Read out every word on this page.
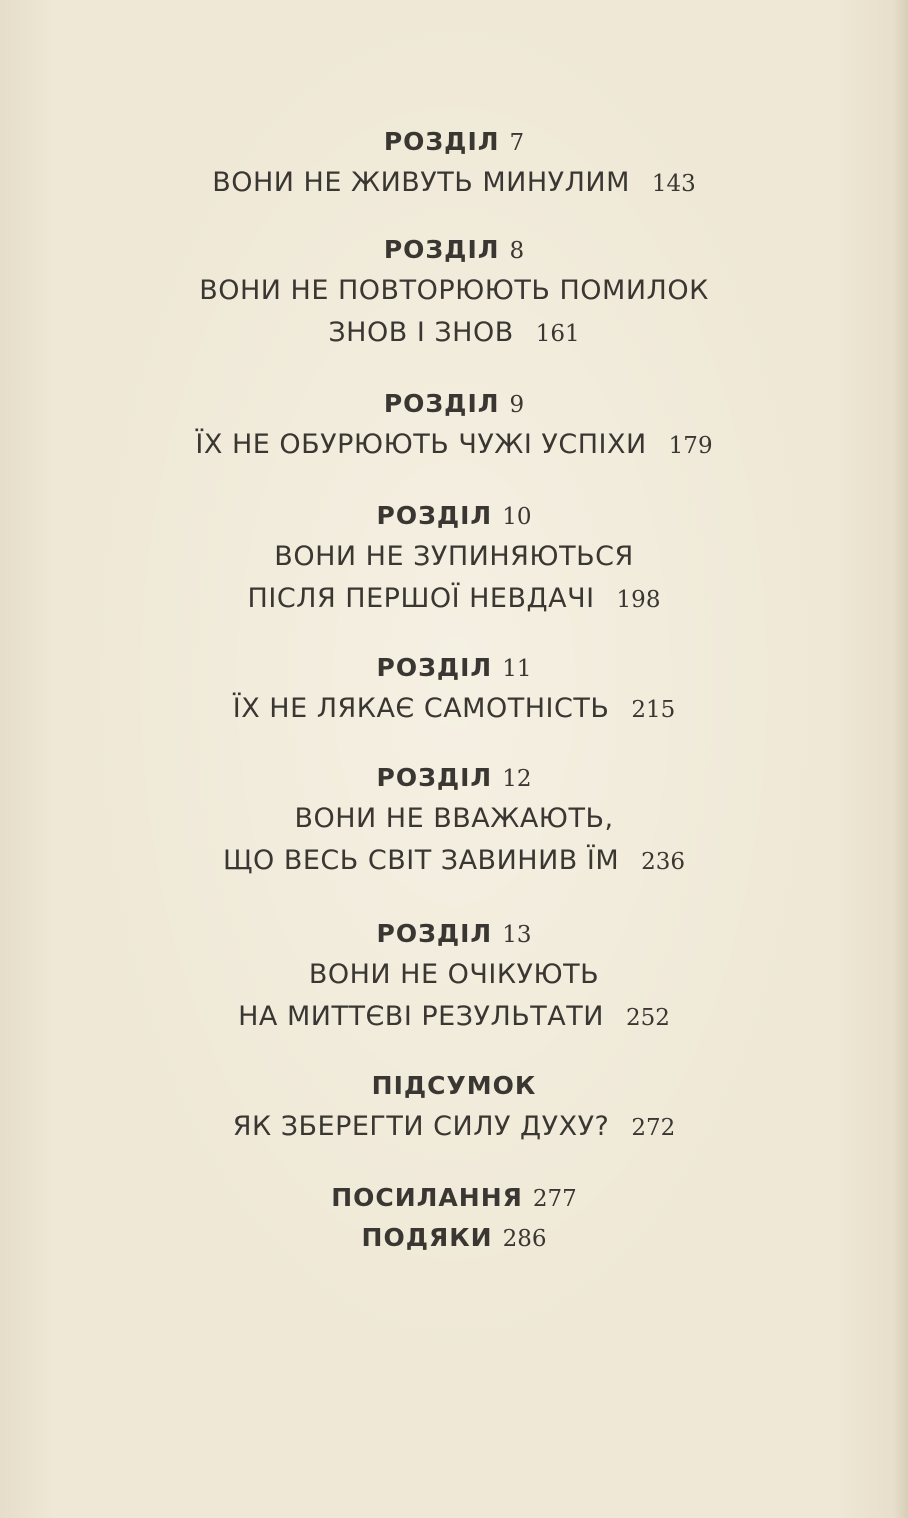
РОЗДІЛ 7
ВОНИ НЕ ЖИВУТЬ МИНУЛИМ 143
РОЗДІЛ 8
ВОНИ НЕ ПОВТОРЮЮТЬ ПОМИЛОК
ЗНОВ І ЗНОВ 161
РОЗДІЛ 9
ЇХ НЕ ОБУРЮЮТЬ ЧУЖІ УСПІХИ 179
РОЗДІЛ 10
ВОНИ НЕ ЗУПИНЯЮТЬСЯ
ПІСЛЯ ПЕРШОЇ НЕВДАЧІ 198
РОЗДІЛ 11
ЇХ НЕ ЛЯКАЄ САМОТНІСТЬ 215
РОЗДІЛ 12
ВОНИ НЕ ВВАЖАЮТЬ,
ЩО ВЕСЬ СВІТ ЗАВИНИВ ЇМ 236
РОЗДІЛ 13
ВОНИ НЕ ОЧІКУЮТЬ
НА МИТТЄВІ РЕЗУЛЬТАТИ 252
ПІДСУМОК
ЯК ЗБЕРЕГТИ СИЛУ ДУХУ? 272
ПОСИЛАННЯ 277
ПОДЯКИ 286
